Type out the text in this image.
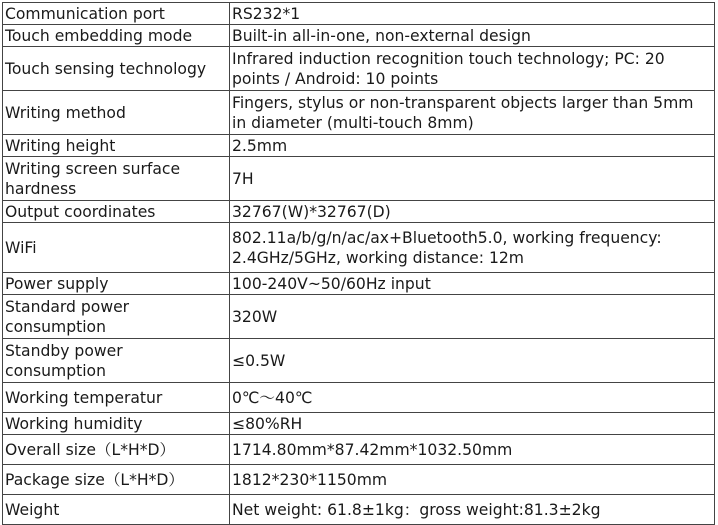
Communication port	RS232*1
Touch embedding mode	Built-in all-in-one, non-external design
Touch sensing technology	Infrared induction recognition touch technology; PC: 20 points / Android: 10 points
Writing method	Fingers, stylus or non-transparent objects larger than 5mm in diameter (multi-touch 8mm)
Writing height	2.5mm
Writing screen surface hardness	7H
Output coordinates	32767(W)*32767(D)
WiFi	802.11a/b/g/n/ac/ax+Bluetooth5.0, working frequency: 2.4GHz/5GHz, working distance: 12m
Power supply	100-240V~50/60Hz input
Standard power consumption	320W
Standby power consumption	≤0.5W
Working temperatur	0℃～40℃
Working humidity	≤80%RH
Overall size（L*H*D）	1714.80mm*87.42mm*1032.50mm
Package size（L*H*D）	1812*230*1150mm
Weight	Net weight: 61.8±1kg：gross weight:81.3±2kg
